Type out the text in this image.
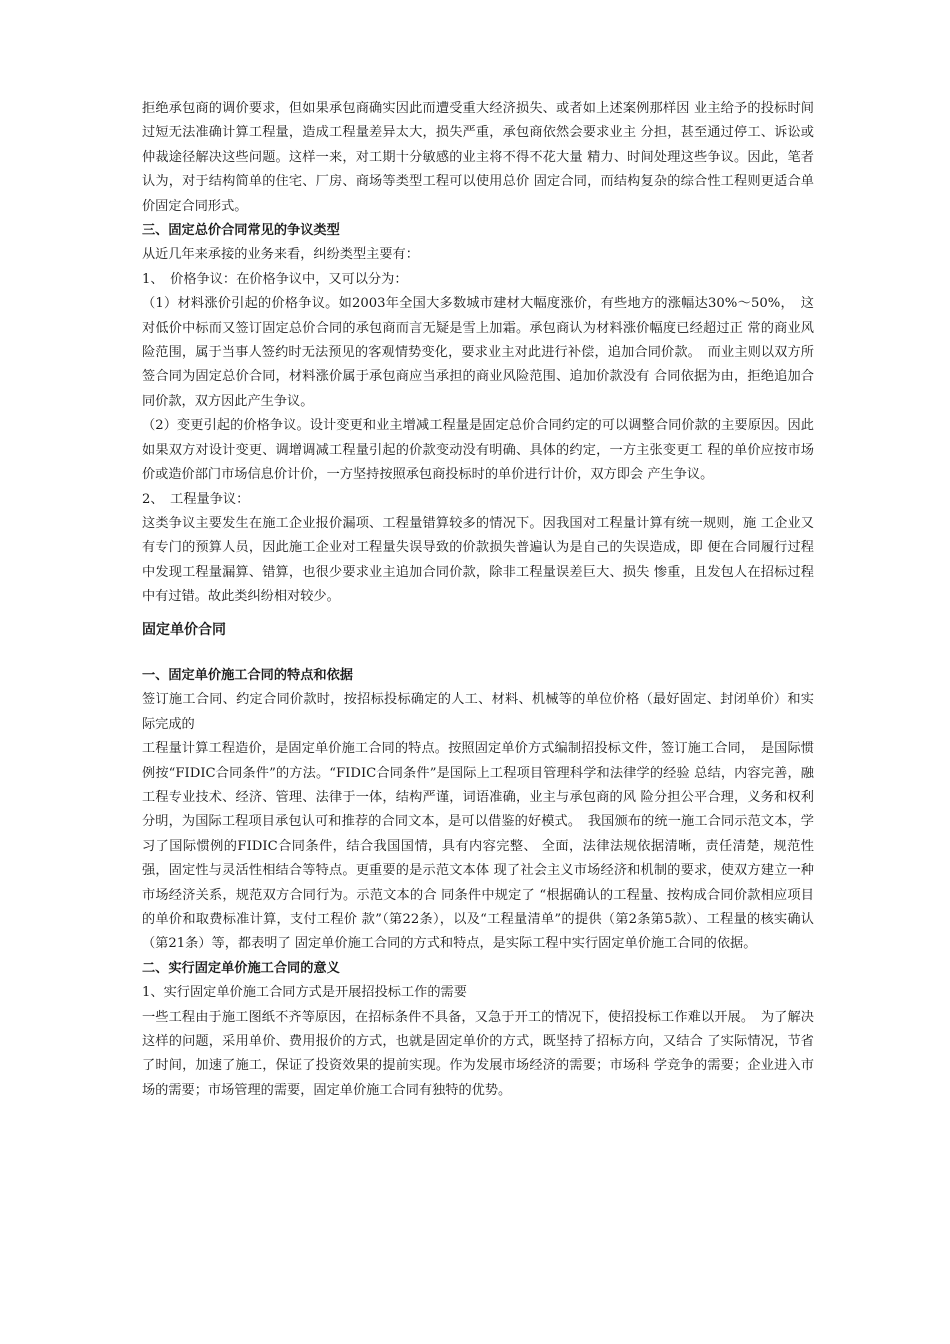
拒绝承包商的调价要求，但如果承包商确实因此而遭受重大经济损失、或者如上述案例那样因 业主给予的投标时间过短无法准确计算工程量，造成工程量差异太大，损失严重，承包商依然会要求业主 分担，甚至通过停工、诉讼或仲裁途径解决这些问题。这样一来，对工期十分敏感的业主将不得不花大量 精力、时间处理这些争议。因此，笔者认为，对于结构简单的住宅、厂房、商场等类型工程可以使用总价 固定合同，而结构复杂的综合性工程则更适合单价固定合同形式。

三、固定总价合同常见的争议类型

从近几年来承接的业务来看，纠纷类型主要有：

1、　价格争议：在价格争议中，又可以分为：

（1）材料涨价引起的价格争议。如2003年全国大多数城市建材大幅度涨价，有些地方的涨幅达30%～50%，　这对低价中标而又签订固定总价合同的承包商而言无疑是雪上加霜。承包商认为材料涨价幅度已经超过正 常的商业风险范围，属于当事人签约时无法预见的客观情势变化，要求业主对此进行补偿，追加合同价款。　而业主则以双方所签合同为固定总价合同，材料涨价属于承包商应当承担的商业风险范围、追加价款没有 合同依据为由，拒绝追加合同价款，双方因此产生争议。

（2）变更引起的价格争议。设计变更和业主增减工程量是固定总价合同约定的可以调整合同价款的主要原因。因此如果双方对设计变更、调增调减工程量引起的价款变动没有明确、具体的约定，一方主张变更工 程的单价应按市场价或造价部门市场信息价计价，一方坚持按照承包商投标时的单价进行计价，双方即会 产生争议。

2、　工程量争议：

这类争议主要发生在施工企业报价漏项、工程量错算较多的情况下。因我国对工程量计算有统一规则，施 工企业又有专门的预算人员，因此施工企业对工程量失误导致的价款损失普遍认为是自己的失误造成，即 便在合同履行过程中发现工程量漏算、错算，也很少要求业主追加合同价款，除非工程量误差巨大、损失 惨重，且发包人在招标过程中有过错。故此类纠纷相对较少。

固定单价合同

一、固定单价施工合同的特点和依据

签订施工合同、约定合同价款时，按招标投标确定的人工、材料、机械等的单位价格（最好固定、封闭单价）和实际完成的

工程量计算工程造价，是固定单价施工合同的特点。按照固定单价方式编制招投标文件，签订施工合同，　是国际惯例按“FIDIC合同条件”的方法。“FIDIC合同条件”是国际上工程项目管理科学和法律学的经验 总结，内容完善，融工程专业技术、经济、管理、法律于一体，结构严谨，词语准确，业主与承包商的风 险分担公平合理，义务和权利分明，为国际工程项目承包认可和推荐的合同文本，是可以借鉴的好模式。　我国颁布的统一施工合同示范文本，学习了国际惯例的FIDIC合同条件，结合我国国情，具有内容完整、 全面，法律法规依据清晰，责任清楚，规范性强，固定性与灵活性相结合等特点。更重要的是示范文本体 现了社会主义市场经济和机制的要求，使双方建立一种市场经济关系，规范双方合同行为。示范文本的合 同条件中规定了 “根据确认的工程量、按构成合同价款相应项目的单价和取费标准计算，支付工程价 款”（第22条），以及“工程量清单”的提供（第2条第5款）、工程量的核实确认（第21条）等，都表明了 固定单价施工合同的方式和特点，是实际工程中实行固定单价施工合同的依据。

二、实行固定单价施工合同的意义

1、实行固定单价施工合同方式是开展招投标工作的需要

一些工程由于施工图纸不齐等原因，在招标条件不具备，又急于开工的情况下，使招投标工作难以开展。　为了解决这样的问题，采用单价、费用报价的方式，也就是固定单价的方式，既坚持了招标方向，又结合 了实际情况，节省了时间，加速了施工，保证了投资效果的提前实现。作为发展市场经济的需要；市场科 学竞争的需要；企业进入市场的需要；市场管理的需要，固定单价施工合同有独特的优势。
